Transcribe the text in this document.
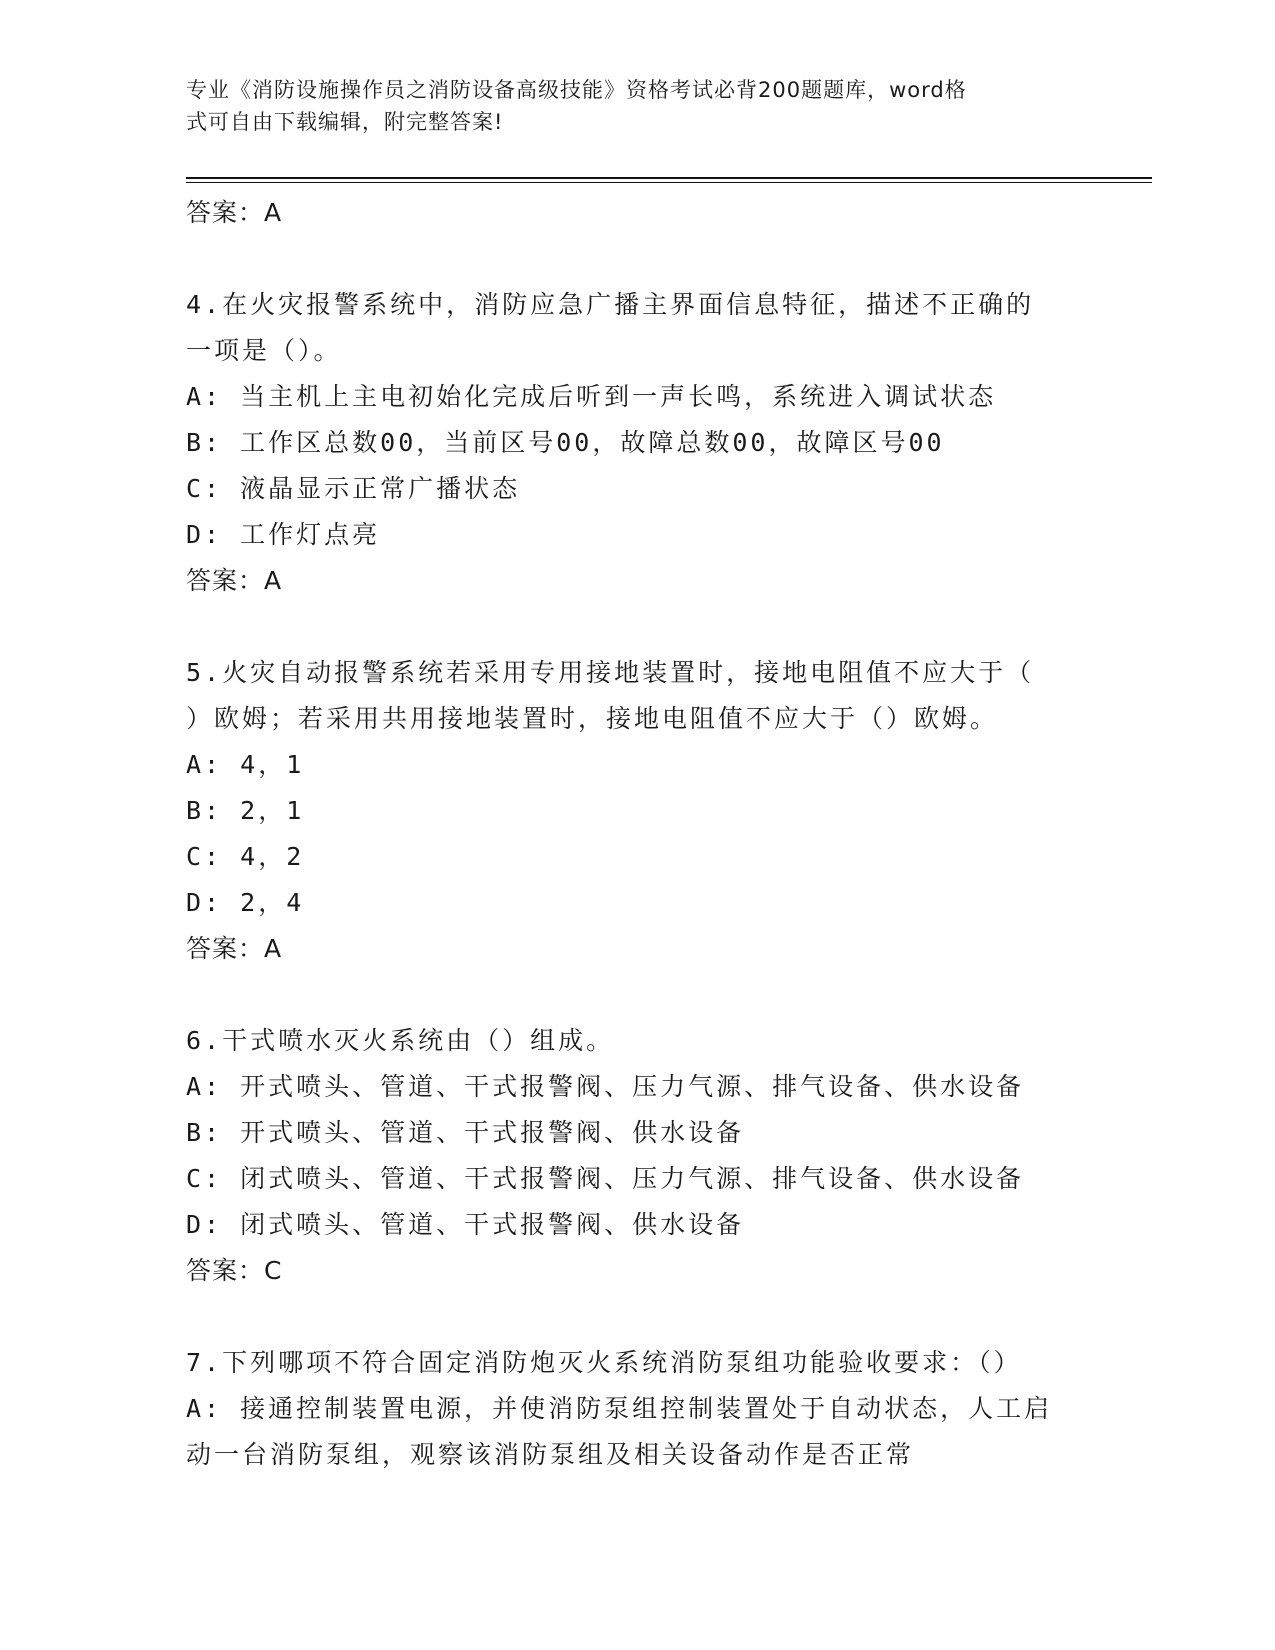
专业《消防设施操作员之消防设备高级技能》资格考试必背200题题库，word格
式可自由下载编辑，附完整答案!
答案：A
4.在火灾报警系统中，消防应急广播主界面信息特征，描述不正确的
一项是（）。
A: 当主机上主电初始化完成后听到一声长鸣，系统进入调试状态
B: 工作区总数00，当前区号00，故障总数00，故障区号00
C: 液晶显示正常广播状态
D: 工作灯点亮
答案：A
5.火灾自动报警系统若采用专用接地装置时，接地电阻值不应大于（
）欧姆；若采用共用接地装置时，接地电阻值不应大于（）欧姆。
A: 4，1
B: 2，1
C: 4，2
D: 2，4
答案：A
6.干式喷水灭火系统由（）组成。
A: 开式喷头、管道、干式报警阀、压力气源、排气设备、供水设备
B: 开式喷头、管道、干式报警阀、供水设备
C: 闭式喷头、管道、干式报警阀、压力气源、排气设备、供水设备
D: 闭式喷头、管道、干式报警阀、供水设备
答案：C
7.下列哪项不符合固定消防炮灭火系统消防泵组功能验收要求：（）
A: 接通控制装置电源，并使消防泵组控制装置处于自动状态，人工启
动一台消防泵组，观察该消防泵组及相关设备动作是否正常
